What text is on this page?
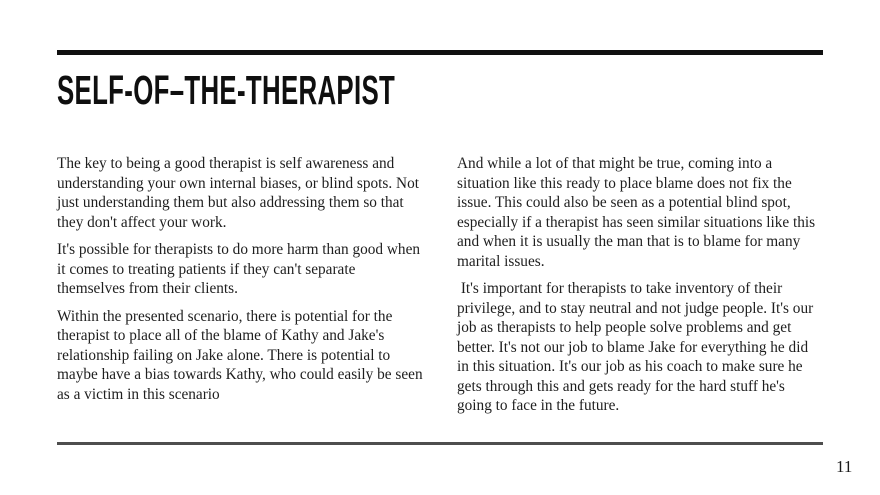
SELF-OF–THE-THERAPIST

The key to being a good therapist is self awareness and understanding your own internal biases, or blind spots. Not just understanding them but also addressing them so that they don't affect your work.

It's possible for therapists to do more harm than good when it comes to treating patients if they can't separate themselves from their clients.

Within the presented scenario, there is potential for the therapist to place all of the blame of Kathy and Jake's relationship failing on Jake alone. There is potential to maybe have a bias towards Kathy, who could easily be seen as a victim in this scenario

And while a lot of that might be true, coming into a situation like this ready to place blame does not fix the issue. This could also be seen as a potential blind spot, especially if a therapist has seen similar situations like this and when it is usually the man that is to blame for many marital issues.

It's important for therapists to take inventory of their privilege, and to stay neutral and not judge people. It's our job as therapists to help people solve problems and get better. It's not our job to blame Jake for everything he did in this situation. It's our job as his coach to make sure he gets through this and gets ready for the hard stuff he's going to face in the future.

11
